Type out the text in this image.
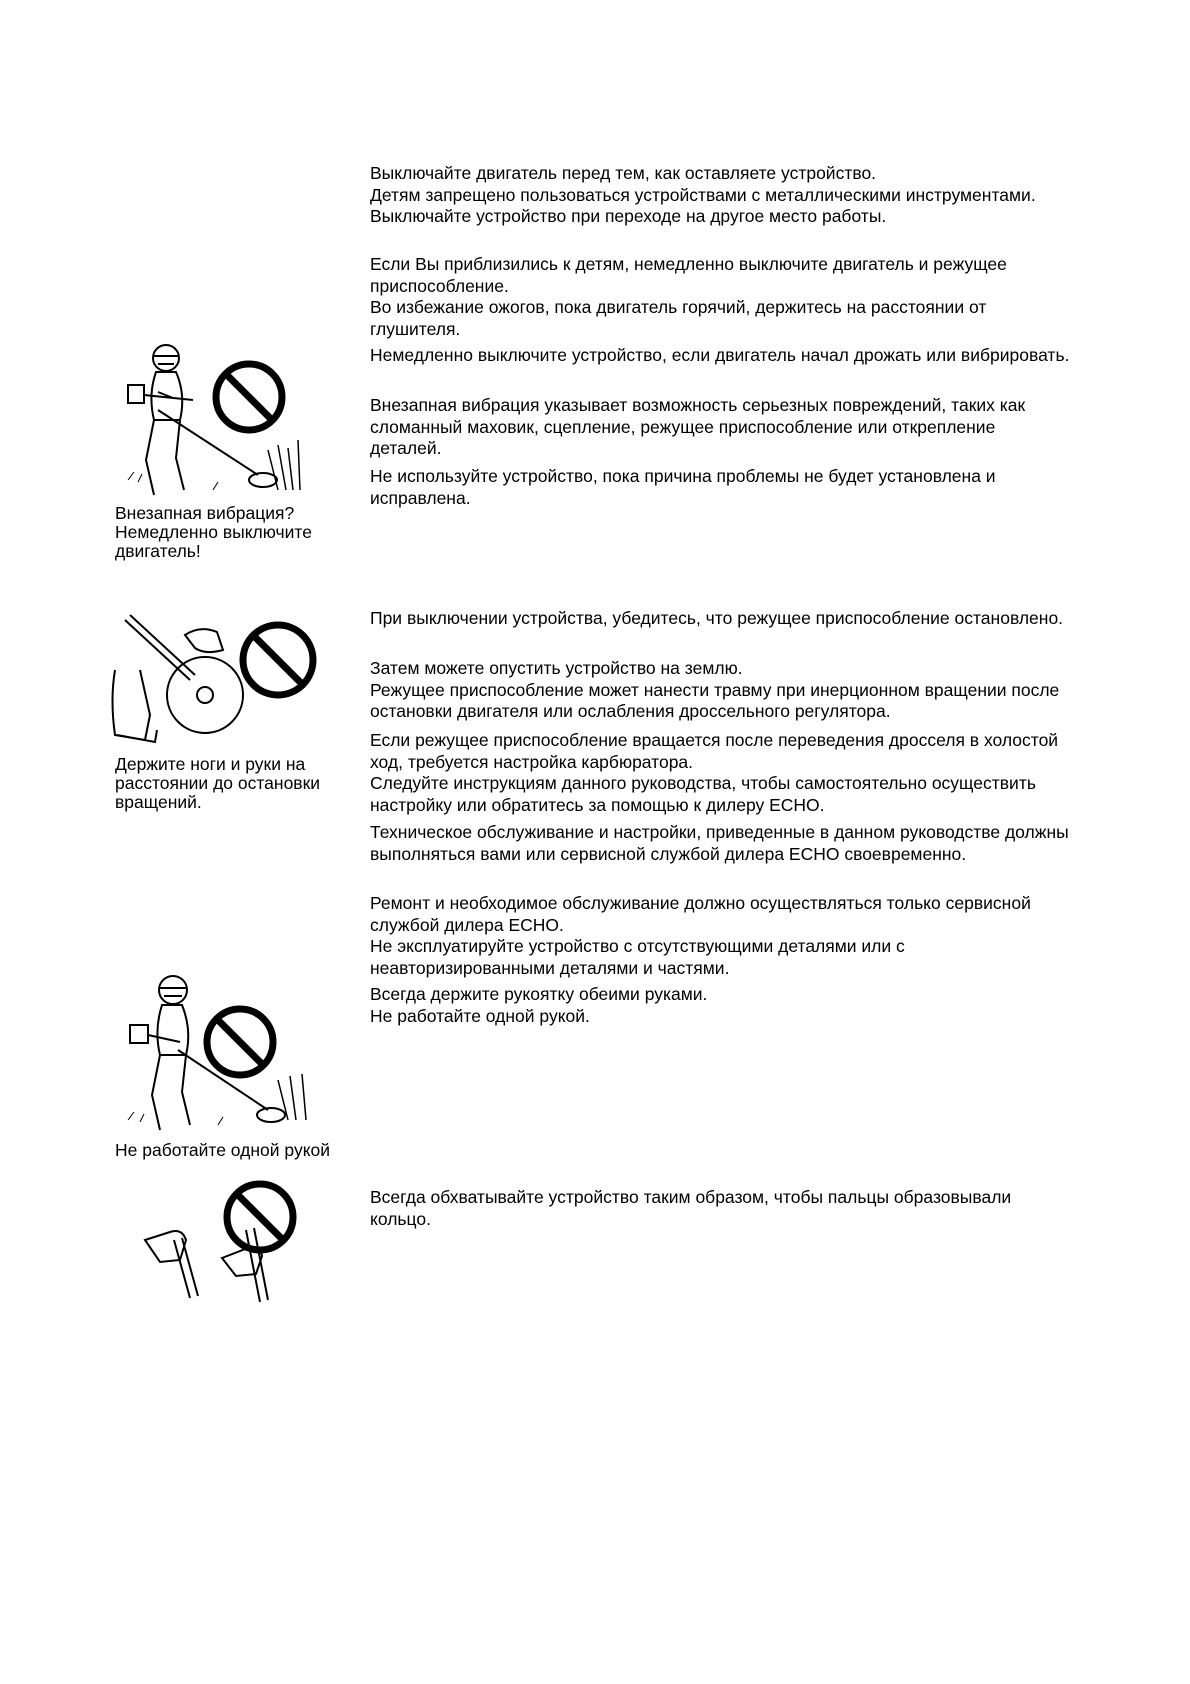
Выключайте двигатель перед тем, как оставляете устройство.
Детям запрещено пользоваться устройствами с металлическими инструментами.
Выключайте устройство при переходе на другое место работы.

Если Вы приблизились к детям, немедленно выключите двигатель и режущее приспособление.
Во избежание ожогов, пока двигатель горячий, держитесь на расстоянии от глушителя.

Немедленно выключите устройство, если двигатель начал дрожать или вибрировать.

Внезапная вибрация указывает возможность серьезных повреждений, таких как сломанный маховик, сцепление, режущее приспособление или открепление деталей.

Не используйте устройство, пока причина проблемы не будет установлена и исправлена.

При выключении устройства, убедитесь, что режущее приспособление остановлено.

Затем можете опустить устройство на землю.
Режущее приспособление может нанести травму при инерционном вращении после остановки двигателя или ослабления дроссельного регулятора.

Если режущее приспособление вращается после переведения дросселя в холостой ход, требуется настройка карбюратора.
Следуйте инструкциям данного руководства, чтобы самостоятельно осуществить настройку или обратитесь за помощью к дилеру ECHO.

Техническое обслуживание и настройки, приведенные в данном руководстве должны выполняться вами или сервисной службой дилера ECHO своевременно.

Ремонт и необходимое обслуживание должно осуществляться только сервисной службой дилера ECHO.
Не эксплуатируйте устройство с отсутствующими деталями или с неавторизированными деталями и частями.

Всегда держите рукоятку обеими руками.
Не работайте одной рукой.

Всегда обхватывайте устройство таким образом, чтобы пальцы образовывали кольцо.

Внезапная вибрация?
Немедленно выключите двигатель!

Держите ноги и руки на расстоянии до остановки вращений.

Не работайте одной рукой
